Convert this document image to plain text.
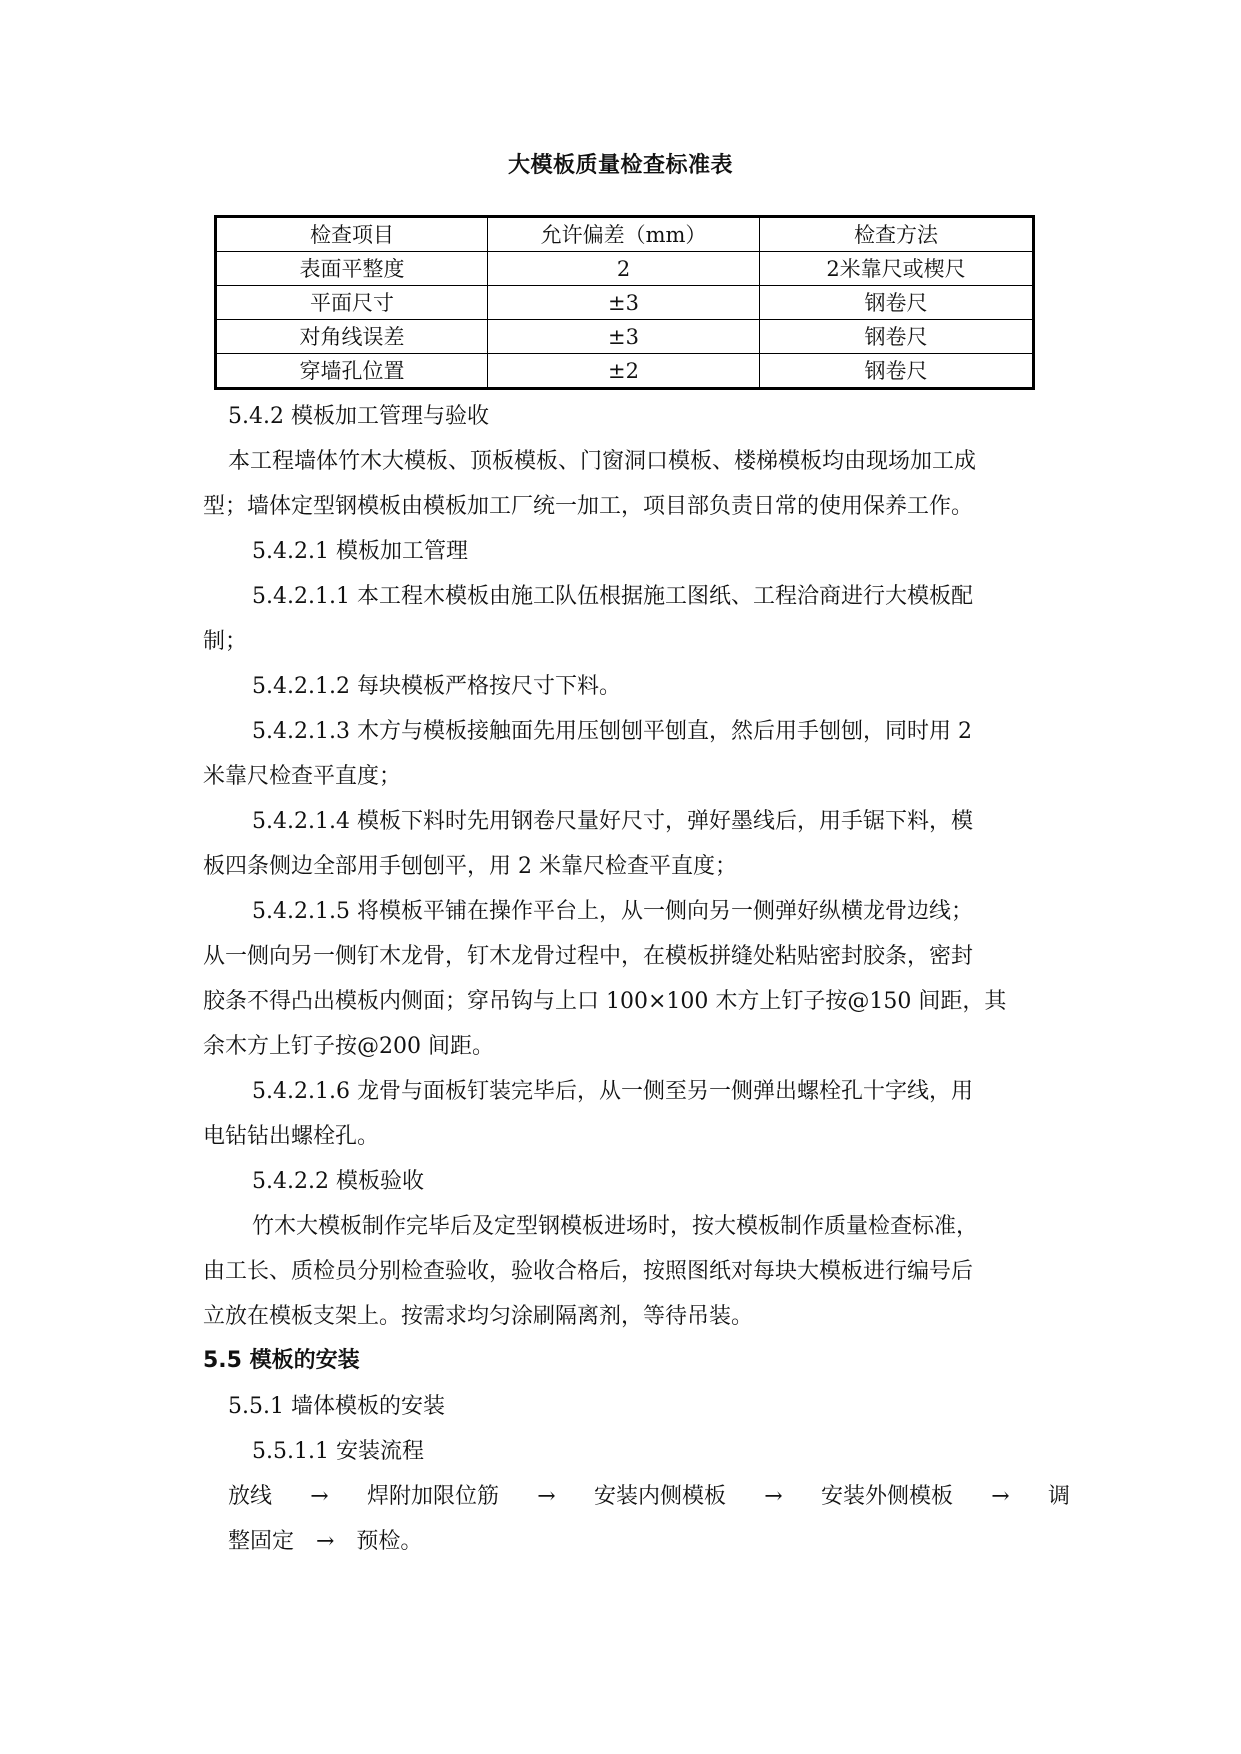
大模板质量检查标准表
检查项目	允许偏差（mm）	检查方法
表面平整度	2	2米靠尺或楔尺
平面尺寸	±3	钢卷尺
对角线误差	±3	钢卷尺
穿墙孔位置	±2	钢卷尺
5.4.2 模板加工管理与验收
本工程墙体竹木大模板、顶板模板、门窗洞口模板、楼梯模板均由现场加工成
型；墙体定型钢模板由模板加工厂统一加工，项目部负责日常的使用保养工作。
5.4.2.1 模板加工管理
5.4.2.1.1 本工程木模板由施工队伍根据施工图纸、工程洽商进行大模板配
制；
5.4.2.1.2 每块模板严格按尺寸下料。
5.4.2.1.3 木方与模板接触面先用压刨刨平刨直，然后用手刨刨，同时用 2
米靠尺检查平直度；
5.4.2.1.4 模板下料时先用钢卷尺量好尺寸，弹好墨线后，用手锯下料，模
板四条侧边全部用手刨刨平，用 2 米靠尺检查平直度；
5.4.2.1.5 将模板平铺在操作平台上，从一侧向另一侧弹好纵横龙骨边线；
从一侧向另一侧钉木龙骨，钉木龙骨过程中，在模板拼缝处粘贴密封胶条，密封
胶条不得凸出模板内侧面；穿吊钩与上口 100×100 木方上钉子按@150 间距，其
余木方上钉子按@200 间距。
5.4.2.1.6 龙骨与面板钉装完毕后，从一侧至另一侧弹出螺栓孔十字线，用
电钻钻出螺栓孔。
5.4.2.2 模板验收
竹木大模板制作完毕后及定型钢模板进场时，按大模板制作质量检查标准，
由工长、质检员分别检查验收，验收合格后，按照图纸对每块大模板进行编号后
立放在模板支架上。按需求均匀涂刷隔离剂，等待吊装。
5.5 模板的安装
5.5.1 墙体模板的安装
5.5.1.1 安装流程
放线 → 焊附加限位筋 → 安装内侧模板 → 安装外侧模板 → 调
整固定　→　预检。
